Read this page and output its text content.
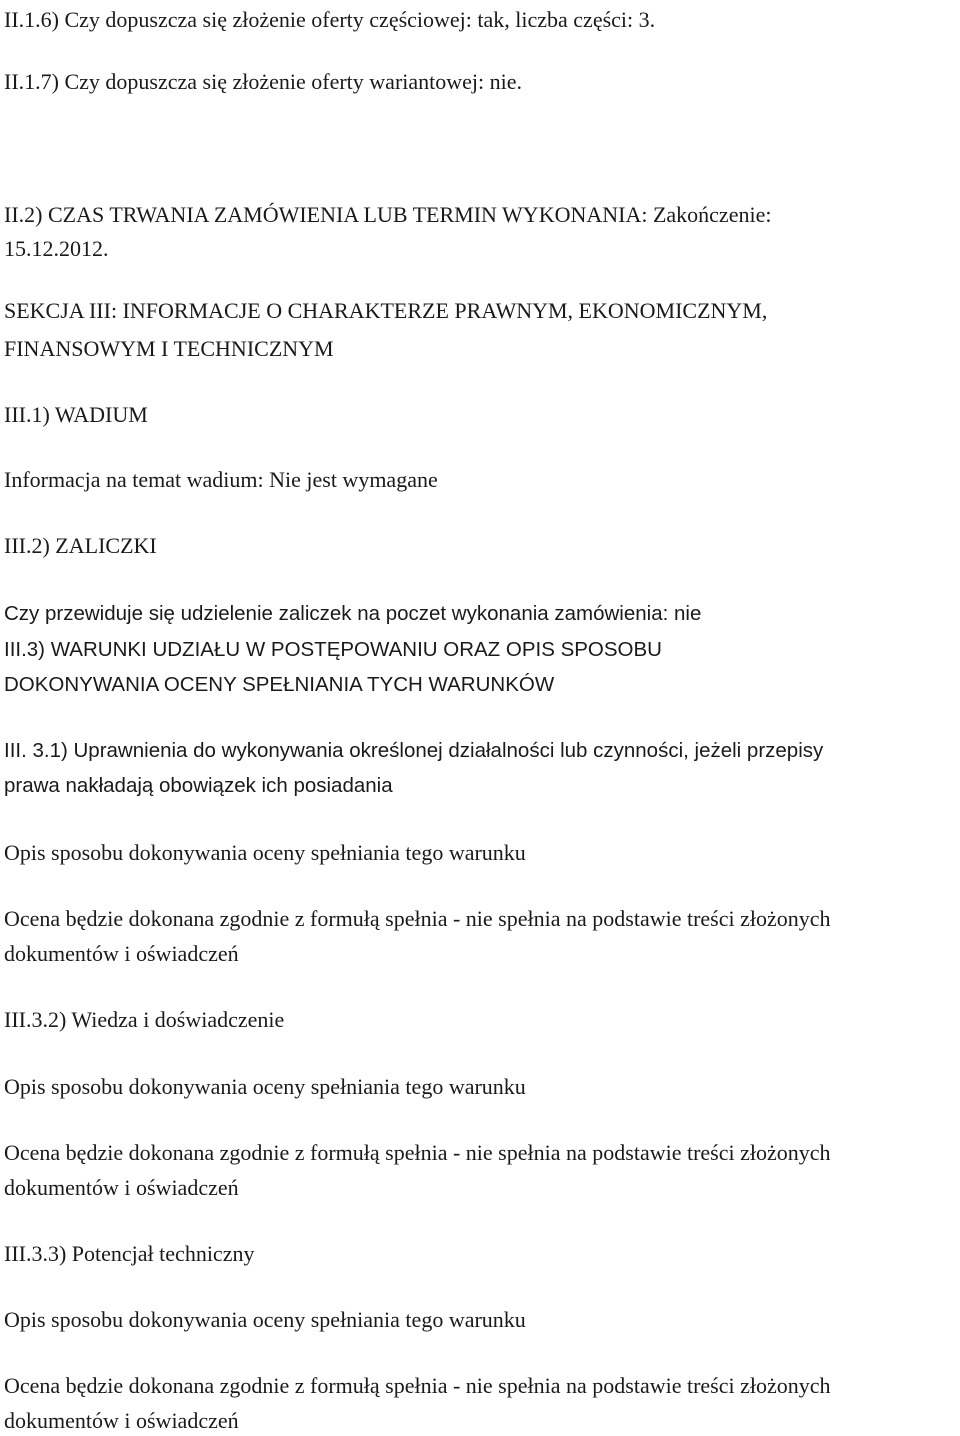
II.1.6) Czy dopuszcza się złożenie oferty częściowej: tak, liczba części: 3.
II.1.7) Czy dopuszcza się złożenie oferty wariantowej: nie.
II.2) CZAS TRWANIA ZAMÓWIENIA LUB TERMIN WYKONANIA: Zakończenie:
15.12.2012.
SEKCJA III: INFORMACJE O CHARAKTERZE PRAWNYM, EKONOMICZNYM,
FINANSOWYM I TECHNICZNYM
III.1) WADIUM
Informacja na temat wadium: Nie jest wymagane
III.2) ZALICZKI
Czy przewiduje się udzielenie zaliczek na poczet wykonania zamówienia: nie
III.3) WARUNKI UDZIAŁU W POSTĘPOWANIU ORAZ OPIS SPOSOBU
DOKONYWANIA OCENY SPEŁNIANIA TYCH WARUNKÓW
III. 3.1) Uprawnienia do wykonywania określonej działalności lub czynności, jeżeli przepisy
prawa nakładają obowiązek ich posiadania
Opis sposobu dokonywania oceny spełniania tego warunku
Ocena będzie dokonana zgodnie z formułą spełnia - nie spełnia na podstawie treści złożonych
dokumentów i oświadczeń
III.3.2) Wiedza i doświadczenie
Opis sposobu dokonywania oceny spełniania tego warunku
Ocena będzie dokonana zgodnie z formułą spełnia - nie spełnia na podstawie treści złożonych
dokumentów i oświadczeń
III.3.3) Potencjał techniczny
Opis sposobu dokonywania oceny spełniania tego warunku
Ocena będzie dokonana zgodnie z formułą spełnia - nie spełnia na podstawie treści złożonych
dokumentów i oświadczeń
